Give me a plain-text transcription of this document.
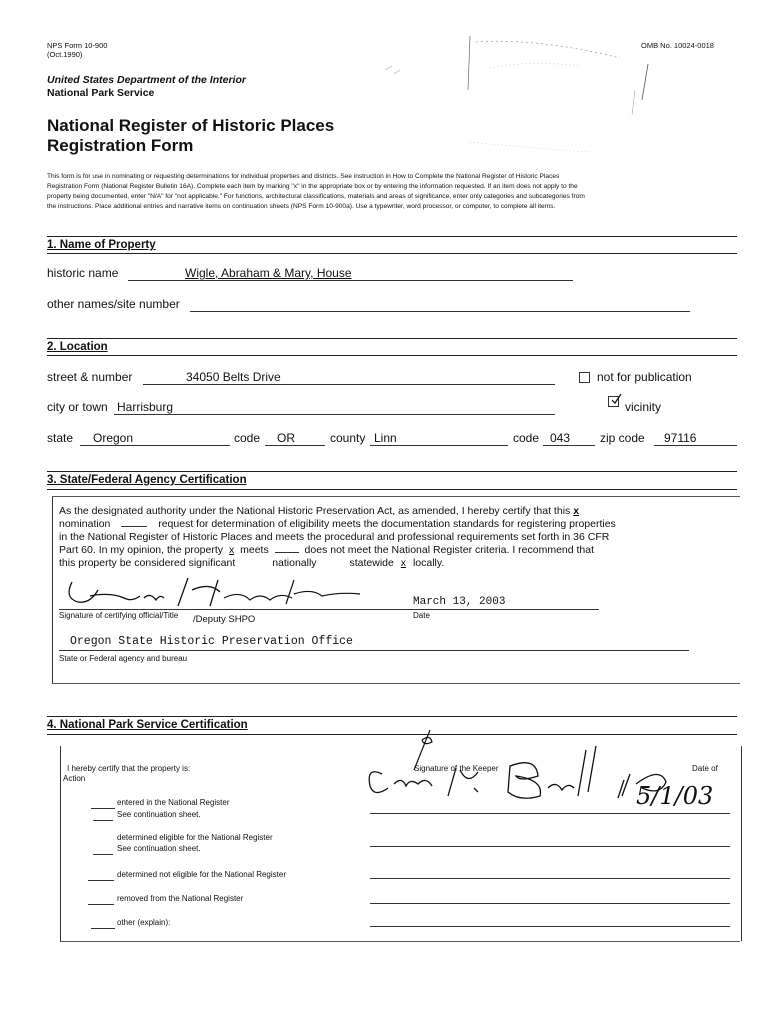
NPS Form 10-900
(Oct.1990)
OMB No. 10024-0018
United States Department of the Interior
National Park Service
National Register of Historic Places
Registration Form
This form is for use in nominating or requesting determinations for individual properties and districts. See instruction in How to Complete the National Register of Historic Places
Registration Form (National Register Bulletin 16A). Complete each item by marking "x" in the appropriate box or by entering the information requested. If an item does not apply to the
property being documented, enter "N/A" for "not applicable." For functions, architectural classifications, materials and areas of significance, enter only categories and subcategories from
the instructions. Place additional entries and narrative items on continuation sheets (NPS Form 10-900a). Use a typewriter, word processor, or computer, to complete all items.
1. Name of Property
historic name	Wigle, Abraham & Mary, House
other names/site number
2. Location
street & number	34050 Belts Drive	not for publication
city or town Harrisburg	vicinity
state Oregon	code OR	county Linn	code 043 zip code 97116
3. State/Federal Agency Certification
As the designated authority under the National Historic Preservation Act, as amended, I hereby certify that this x
nomination	request for determination of eligibility meets the documentation standards for registering properties
in the National Register of Historic Places and meets the procedural and professional requirements set forth in 36 CFR
Part 60. In my opinion, the property x meets	does not meet the National Register criteria. I recommend that
this property be considered significant	nationally	statewide x locally.
March 13, 2003
Signature of certifying official/Title /Deputy SHPO	Date
Oregon State Historic Preservation Office
State or Federal agency and bureau
4. National Park Service Certification
I hereby certify that the property is:
Action
Signature of the Keeper	Date of
5/1/03
entered in the National Register
See continuation sheet.
determined eligible for the National Register
See continuation sheet.
determined not eligible for the National Register
removed from the National Register
other (explain):
